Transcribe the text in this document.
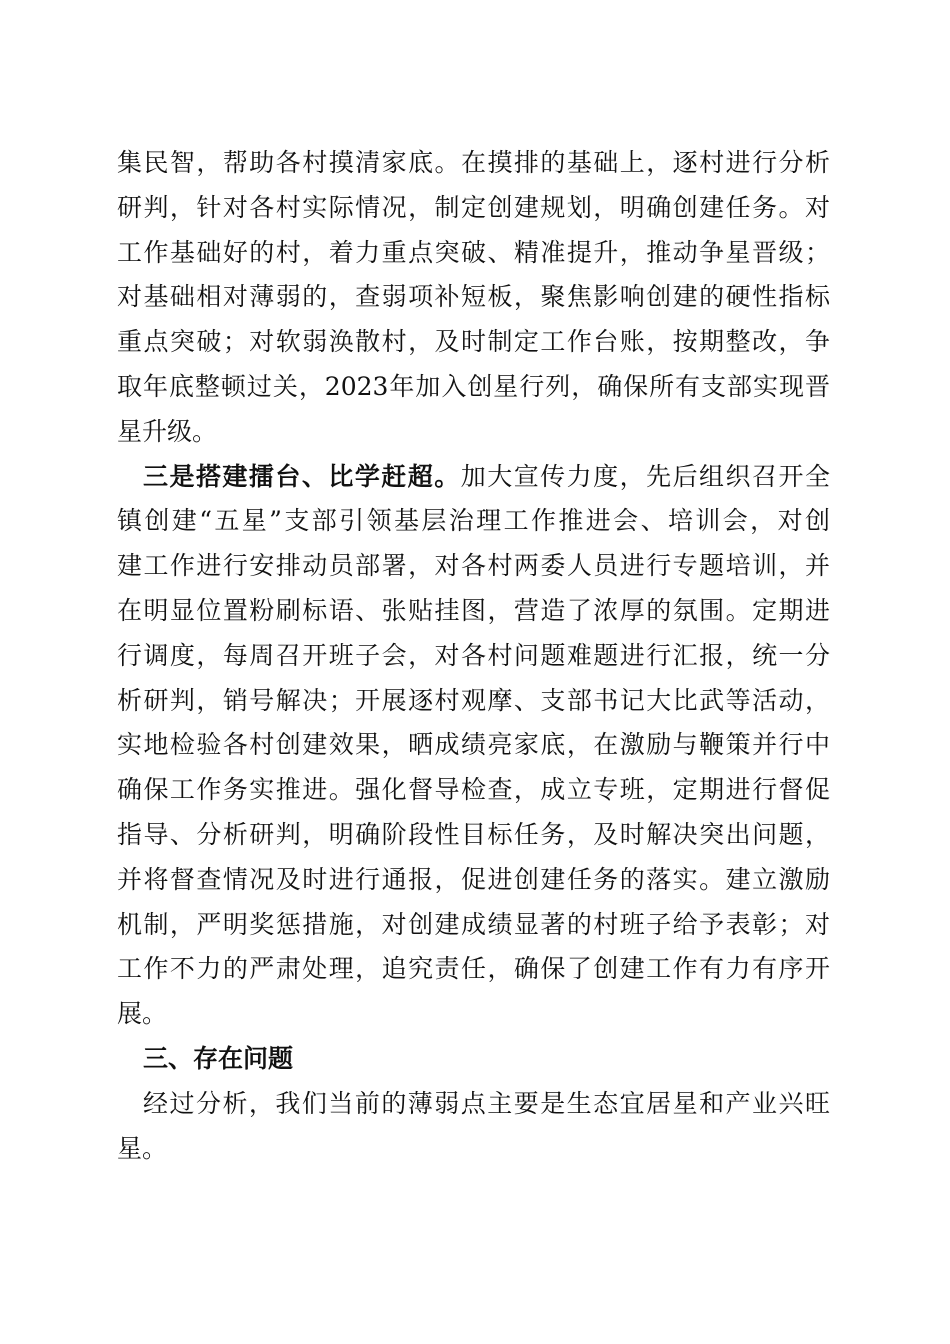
集民智，帮助各村摸清家底。在摸排的基础上，逐村进行分析
研判，针对各村实际情况，制定创建规划，明确创建任务。对
工作基础好的村，着力重点突破、精准提升，推动争星晋级；
对基础相对薄弱的，查弱项补短板，聚焦影响创建的硬性指标
重点突破；对软弱涣散村，及时制定工作台账，按期整改，争
取年底整顿过关，2023年加入创星行列，确保所有支部实现晋
星升级。
三是搭建擂台、比学赶超。加大宣传力度，先后组织召开全
镇创建“五星”支部引领基层治理工作推进会、培训会，对创
建工作进行安排动员部署，对各村两委人员进行专题培训，并
在明显位置粉刷标语、张贴挂图，营造了浓厚的氛围。定期进
行调度，每周召开班子会，对各村问题难题进行汇报，统一分
析研判，销号解决；开展逐村观摩、支部书记大比武等活动，
实地检验各村创建效果，晒成绩亮家底，在激励与鞭策并行中
确保工作务实推进。强化督导检查，成立专班，定期进行督促
指导、分析研判，明确阶段性目标任务，及时解决突出问题，
并将督查情况及时进行通报，促进创建任务的落实。建立激励
机制，严明奖惩措施，对创建成绩显著的村班子给予表彰；对
工作不力的严肃处理，追究责任，确保了创建工作有力有序开
展。
三、存在问题
经过分析，我们当前的薄弱点主要是生态宜居星和产业兴旺
星。
